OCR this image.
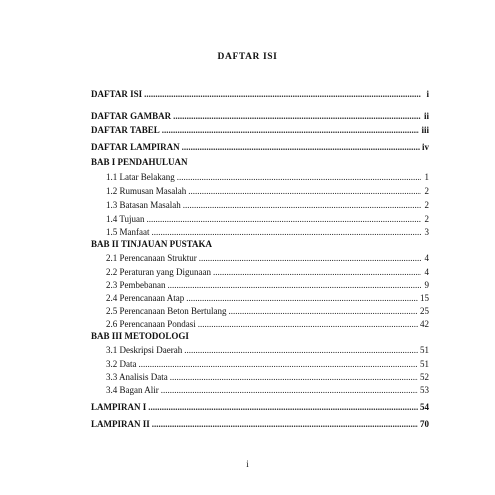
DAFTAR ISI
DAFTAR ISI .....	i
DAFTAR GAMBAR .....	ii
DAFTAR TABEL .....	iii
DAFTAR LAMPIRAN .....	iv
BAB I PENDAHULUAN
1.1 Latar Belakang .....	1
1.2 Rumusan Masalah .....	2
1.3 Batasan Masalah .....	2
1.4 Tujuan .....	2
1.5 Manfaat .....	3
BAB II TINJAUAN PUSTAKA
2.1 Perencanaan Struktur .....	4
2.2 Peraturan yang Digunaan .....	4
2.3 Pembebanan .....	9
2.4 Perencanaan Atap .....	15
2.5 Perencanaan Beton Bertulang .....	25
2.6 Perencanaan Pondasi .....	42
BAB III METODOLOGI
3.1 Deskripsi Daerah .....	51
3.2 Data .....	51
3.3 Analisis Data .....	52
3.4 Bagan Alir .....	53
LAMPIRAN I .....	54
LAMPIRAN II .....	70
i
